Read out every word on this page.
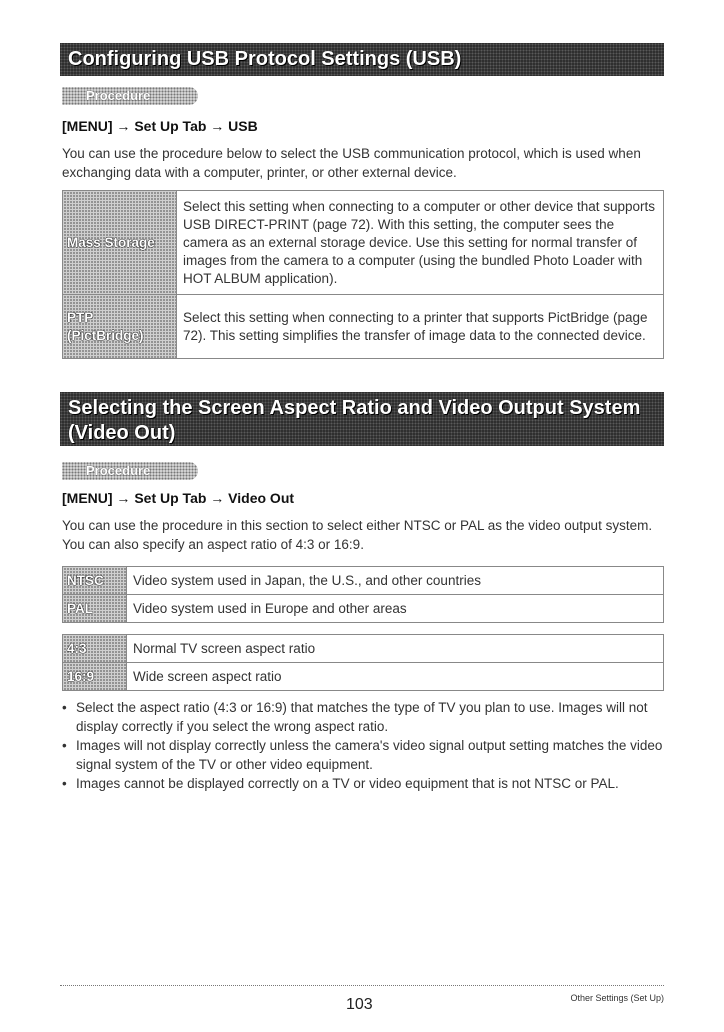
Configuring USB Protocol Settings (USB)
Procedure
[MENU] → Set Up Tab → USB
You can use the procedure below to select the USB communication protocol, which is used when exchanging data with a computer, printer, or other external device.
Mass Storage	Select this setting when connecting to a computer or other device that supports USB DIRECT-PRINT (page 72). With this setting, the computer sees the camera as an external storage device. Use this setting for normal transfer of images from the camera to a computer (using the bundled Photo Loader with HOT ALBUM application).
PTP (PictBridge)	Select this setting when connecting to a printer that supports PictBridge (page 72). This setting simplifies the transfer of image data to the connected device.
Selecting the Screen Aspect Ratio and Video Output System (Video Out)
Procedure
[MENU] → Set Up Tab → Video Out
You can use the procedure in this section to select either NTSC or PAL as the video output system. You can also specify an aspect ratio of 4:3 or 16:9.
NTSC	Video system used in Japan, the U.S., and other countries
PAL	Video system used in Europe and other areas
4:3	Normal TV screen aspect ratio
16:9	Wide screen aspect ratio
• Select the aspect ratio (4:3 or 16:9) that matches the type of TV you plan to use. Images will not display correctly if you select the wrong aspect ratio.
• Images will not display correctly unless the camera's video signal output setting matches the video signal system of the TV or other video equipment.
• Images cannot be displayed correctly on a TV or video equipment that is not NTSC or PAL.
103	Other Settings (Set Up)
